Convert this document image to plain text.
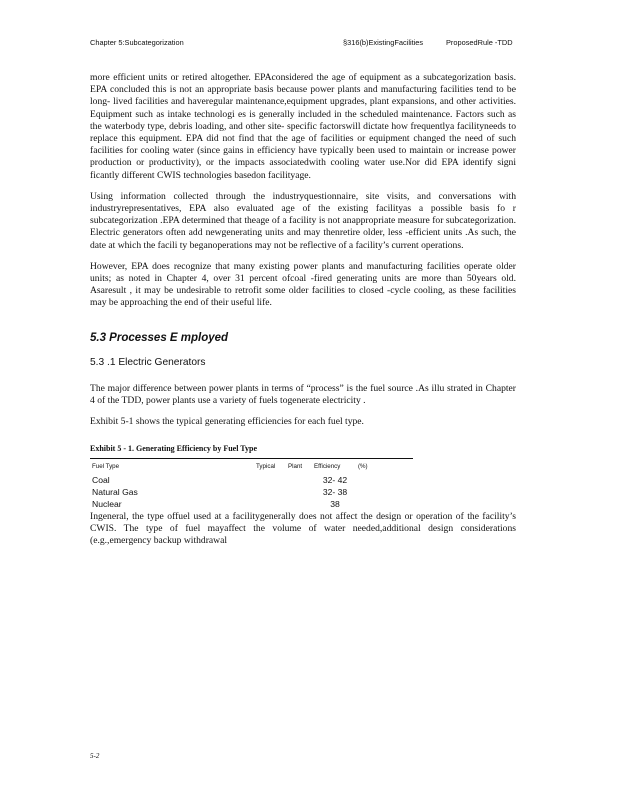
Chapter 5:Subcategorization	§316(b)ExistingFacilities	ProposedRule -TDD

more efficient units or retired altogether. EPAconsidered the age of equipment as a subcategorization basis. EPA concluded this is not an appropriate basis because power plants and manufacturing facilities tend to be long- lived facilities and haveregular maintenance,equipment upgrades, plant expansions, and other activities. Equipment such as intake technologi es is generally included in the scheduled maintenance. Factors such as the waterbody type, debris loading, and other site- specific factorswill dictate how frequentlya facilityneeds to replace this equipment. EPA did not find that the age of facilities or equipment changed the need of such facilities for cooling water (since gains in efficiency have typically been used to maintain or increase power production or productivity), or the impacts associatedwith cooling water use.Nor did EPA identify signi ficantly different CWIS technologies basedon facilityage.

Using information collected through the industryquestionnaire, site visits, and conversations with industryrepresentatives, EPA also evaluated age of the existing facilityas a possible basis fo r subcategorization .EPA determined that theage of a facility is not anappropriate measure for subcategorization. Electric generators often add newgenerating units and may thenretire older, less -efficient units .As such, the date at which the facili ty beganoperations may not be reflective of a facility’s current operations.

However, EPA does recognize that many existing power plants and manufacturing facilities operate older units; as noted in Chapter 4, over 31 percent ofcoal -fired generating units are more than 50years old. Asaresult , it may be undesirable to retrofit some older facilities to closed -cycle cooling, as these facilities may be approaching the end of their useful life.

5.3 Processes E mployed
5.3 .1 Electric Generators

The major difference between power plants in terms of “process” is the fuel source .As illu strated in Chapter 4 of the TDD, power plants use a variety of fuels togenerate electricity .

Exhibit 5-1 shows the typical generating efficiencies for each fuel type.

Exhibit 5 - 1. Generating Efficiency by Fuel Type
Fuel Type	Typical	Plant	Efficiency	(%)
Coal			32- 42	
Natural Gas			32- 38	
Nuclear			38	

Ingeneral, the type offuel used at a facilitygenerally does not affect the design or operation of the facility’s CWIS. The type of fuel mayaffect the volume of water needed,additional design considerations (e.g.,emergency backup withdrawal

5-2
